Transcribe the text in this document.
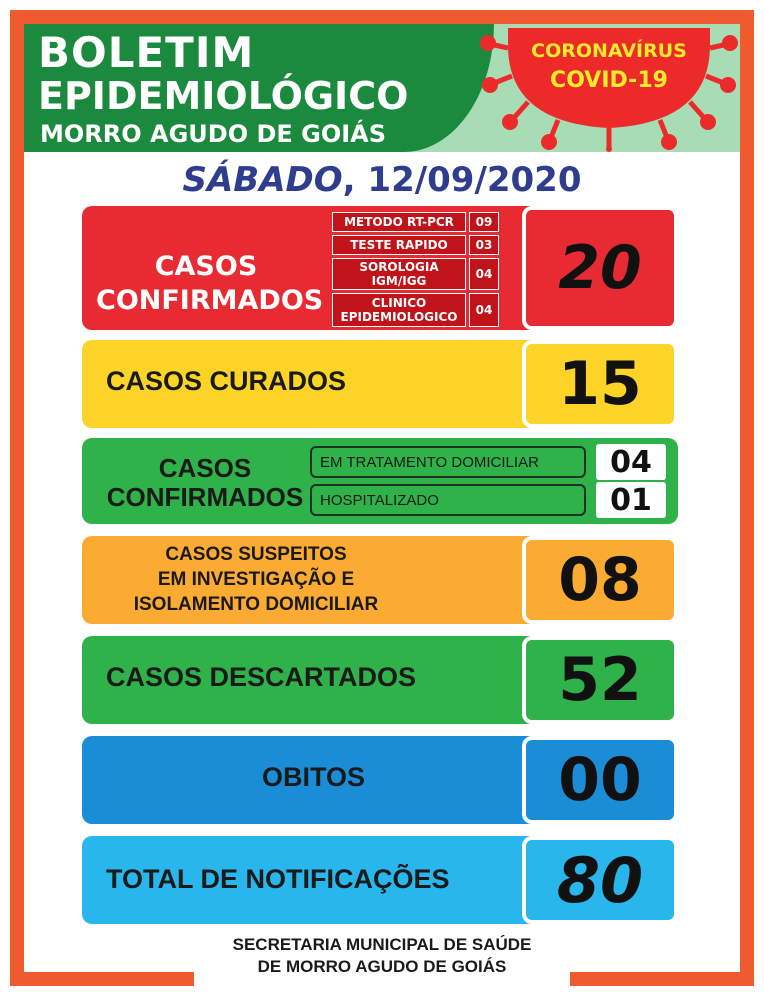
BOLETIM
EPIDEMIOLÓGICO
MORRO AGUDO DE GOIÁS
CORONAVÍRUS
COVID-19
SÁBADO, 12/09/2020
CASOS
CONFIRMADOS
METODO RT-PCR	09
TESTE RAPIDO	03
SOROLOGIA IGM/IGG	04
CLINICO EPIDEMIOLOGICO	04
20
CASOS CURADOS	15
CASOS
CONFIRMADOS
EM TRATAMENTO DOMICILIAR	04
HOSPITALIZADO	01
CASOS SUSPEITOS
EM INVESTIGAÇÃO E
ISOLAMENTO DOMICILIAR	08
CASOS DESCARTADOS	52
OBITOS	00
TOTAL DE NOTIFICAÇÕES	80
SECRETARIA MUNICIPAL DE SAÚDE
DE MORRO AGUDO DE GOIÁS
